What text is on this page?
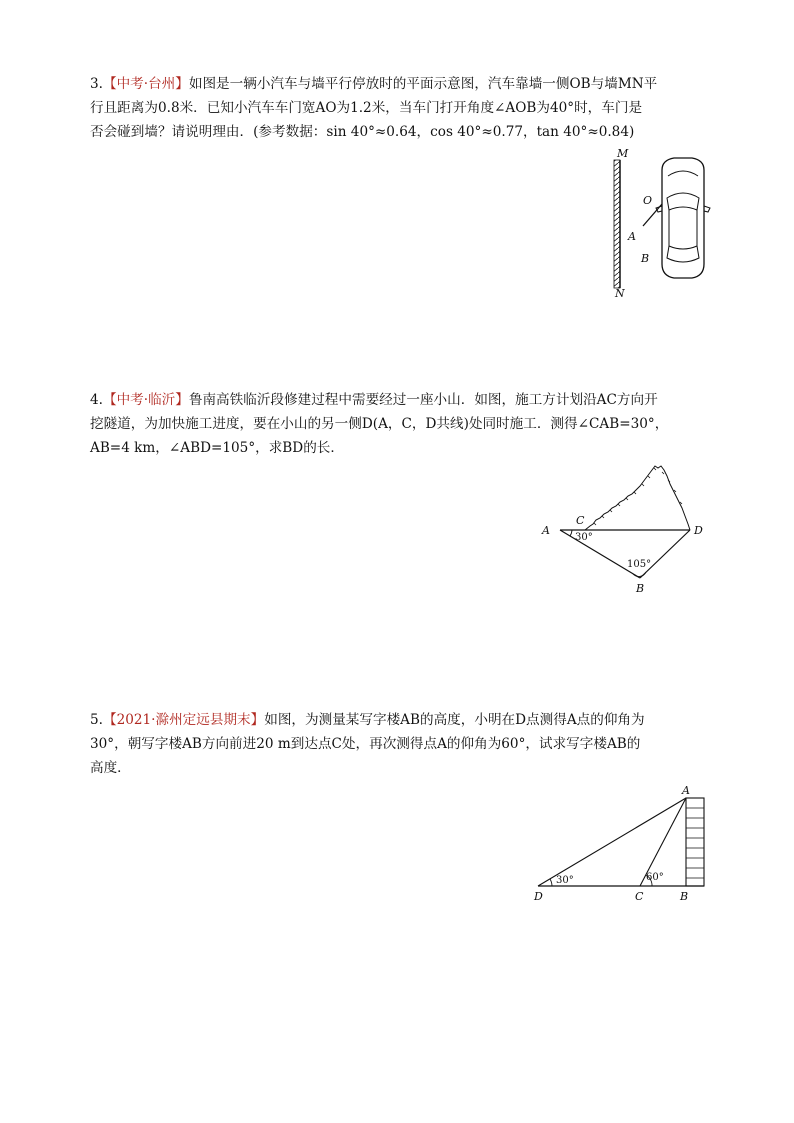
3.【中考·台州】如图是一辆小汽车与墙平行停放时的平面示意图，汽车靠墙一侧OB与墙MN平
行且距离为0.8米．已知小汽车车门宽AO为1.2米，当车门打开角度∠AOB为40°时，车门是
否会碰到墙？请说明理由．(参考数据：sin 40°≈0.64，cos 40°≈0.77，tan 40°≈0.84)
M
N
O
A
B
4.【中考·临沂】鲁南高铁临沂段修建过程中需要经过一座小山．如图，施工方计划沿AC方向开
挖隧道，为加快施工进度，要在小山的另一侧D(A，C，D共线)处同时施工．测得∠CAB=30°，
AB=4 km，∠ABD=105°，求BD的长．
A
C
D
B
30°
105°
5.【2021·滁州定远县期末】如图，为测量某写字楼AB的高度，小明在D点测得A点的仰角为
30°，朝写字楼AB方向前进20 m到达点C处，再次测得点A的仰角为60°，试求写字楼AB的
高度．
A
D	C	B
30°	60°
